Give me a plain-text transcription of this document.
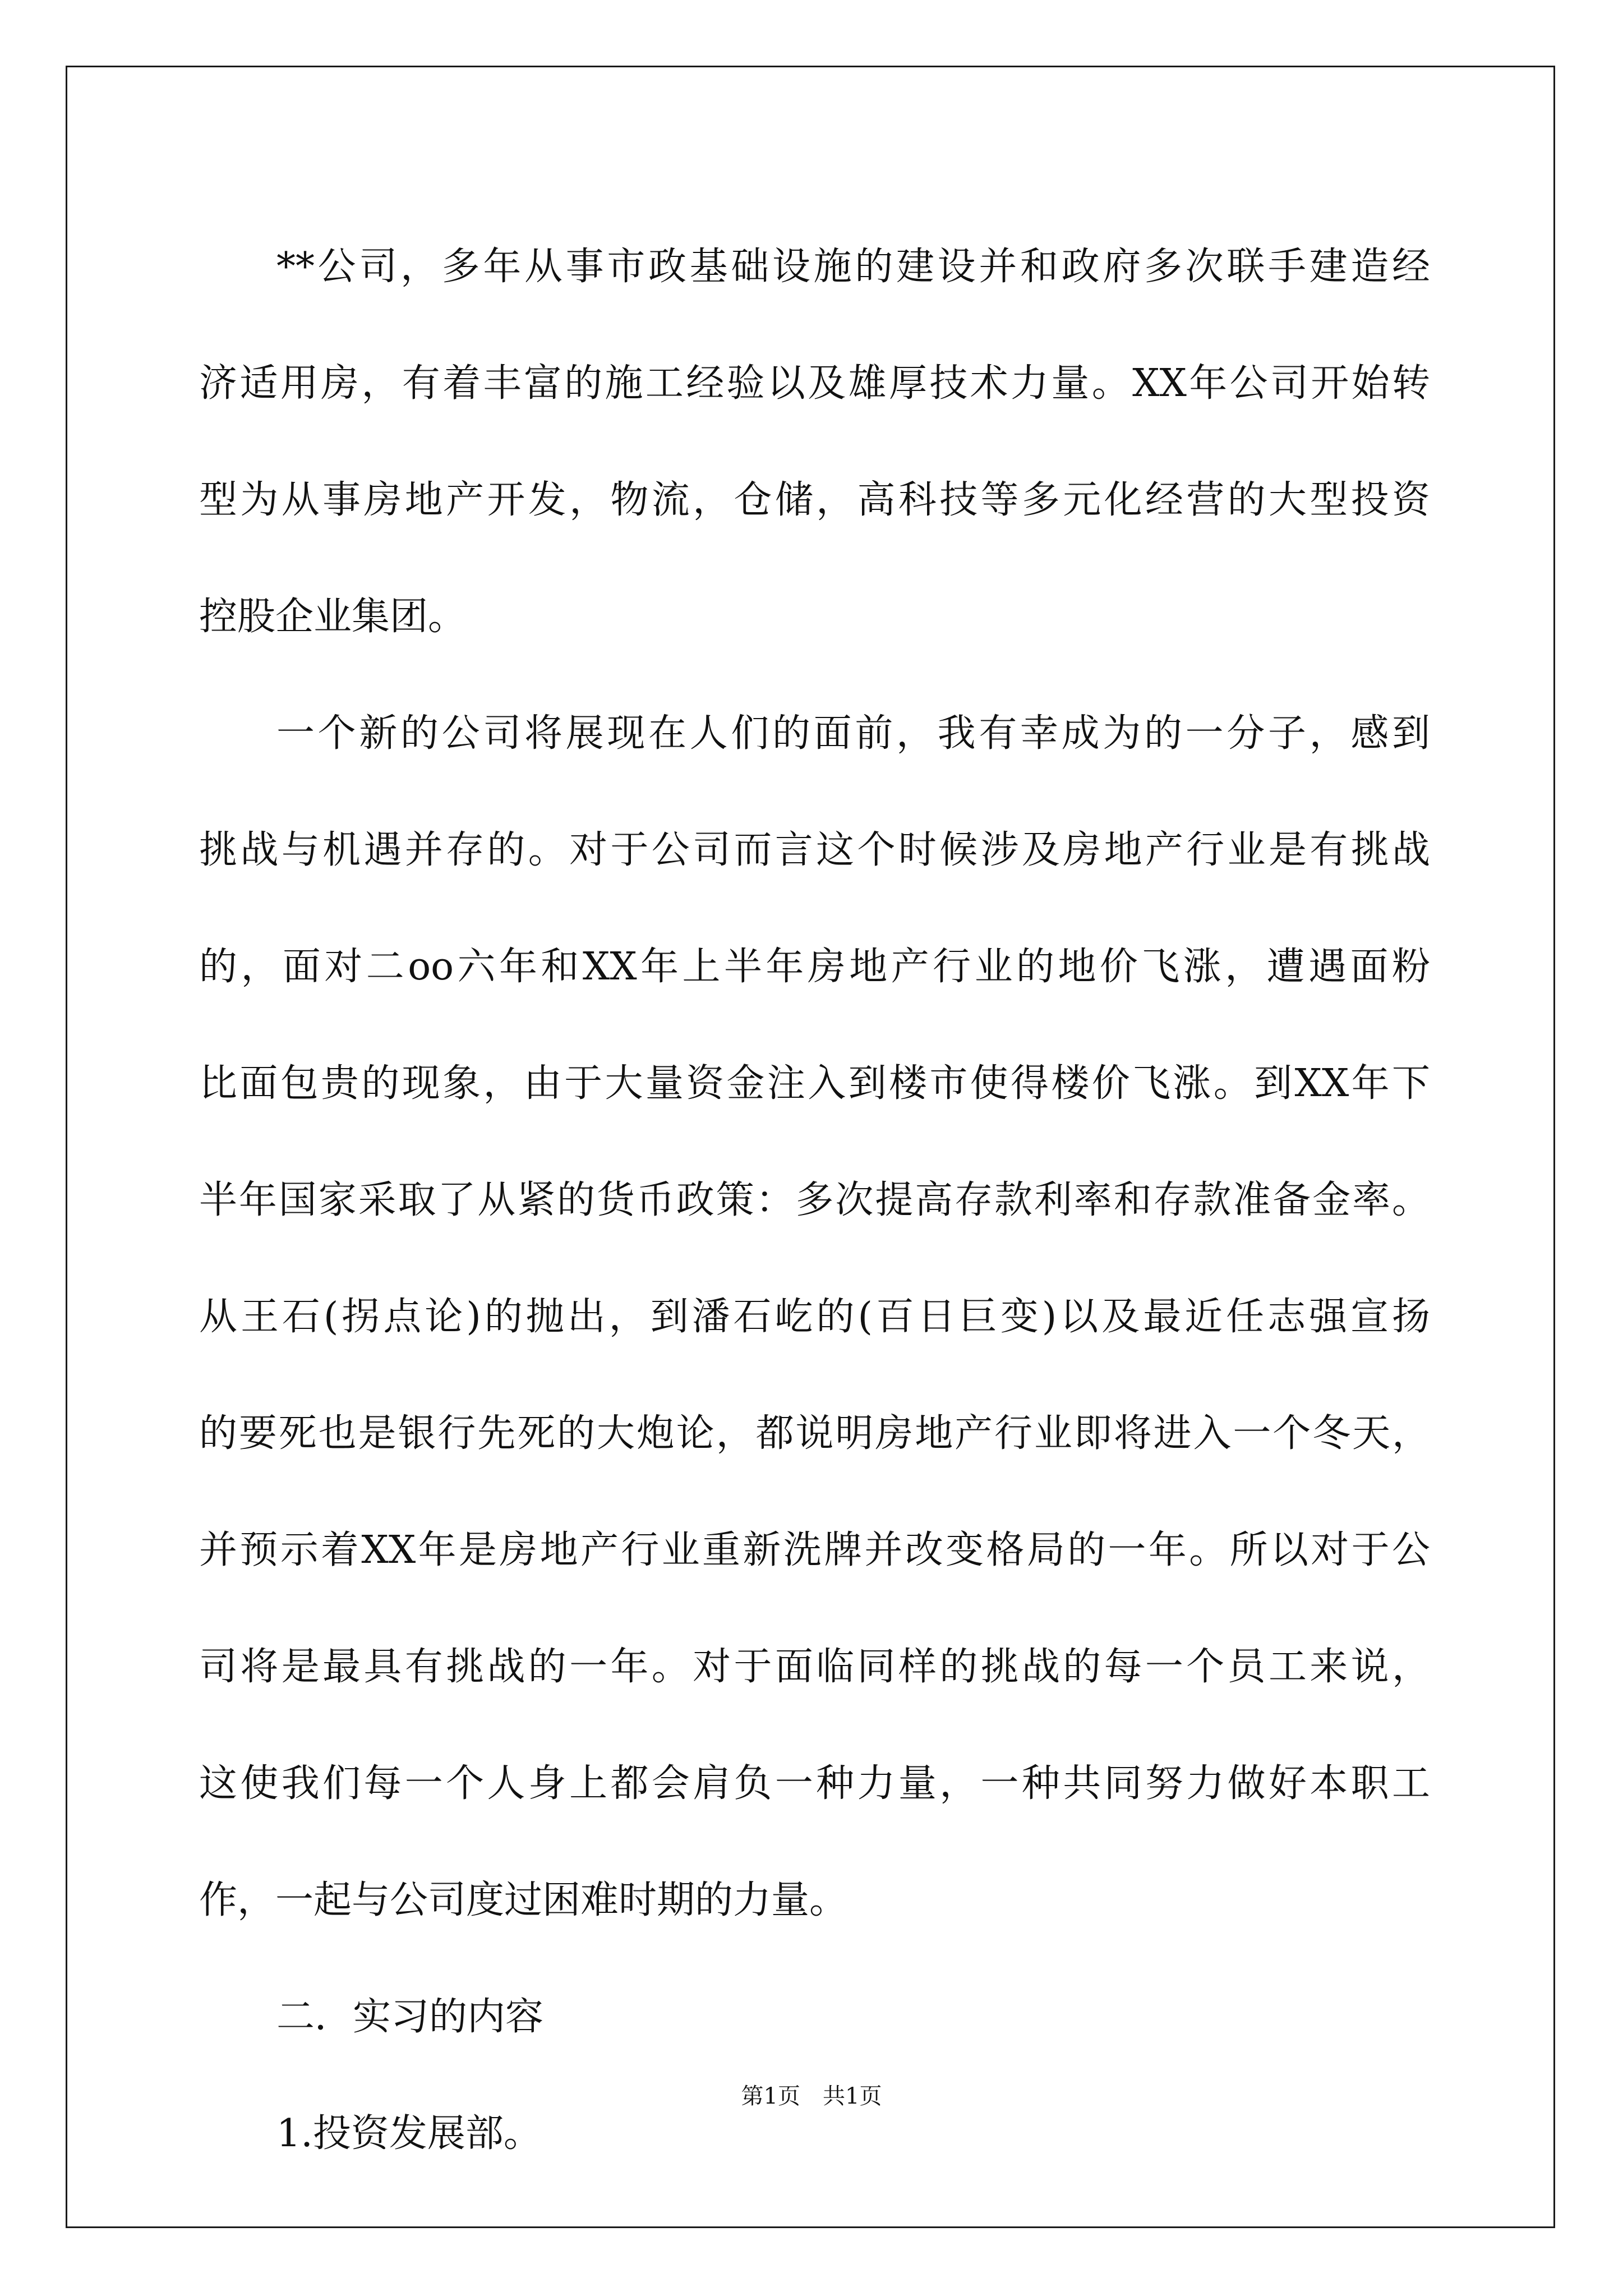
**公司，多年从事市政基础设施的建设并和政府多次联手建造经
济适用房，有着丰富的施工经验以及雄厚技术力量。XX年公司开始转
型为从事房地产开发，物流，仓储，高科技等多元化经营的大型投资
控股企业集团。
一个新的公司将展现在人们的面前，我有幸成为的一分子，感到
挑战与机遇并存的。对于公司而言这个时候涉及房地产行业是有挑战
的，面对二oo六年和XX年上半年房地产行业的地价飞涨，遭遇面粉
比面包贵的现象，由于大量资金注入到楼市使得楼价飞涨。到XX年下
半年国家采取了从紧的货币政策：多次提高存款利率和存款准备金率。
从王石(拐点论)的抛出，到潘石屹的(百日巨变)以及最近任志强宣扬
的要死也是银行先死的大炮论，都说明房地产行业即将进入一个冬天，
并预示着XX年是房地产行业重新洗牌并改变格局的一年。所以对于公
司将是最具有挑战的一年。对于面临同样的挑战的每一个员工来说，
这使我们每一个人身上都会肩负一种力量，一种共同努力做好本职工
作，一起与公司度过困难时期的力量。
二．实习的内容
1.投资发展部。
第1页　共1页
